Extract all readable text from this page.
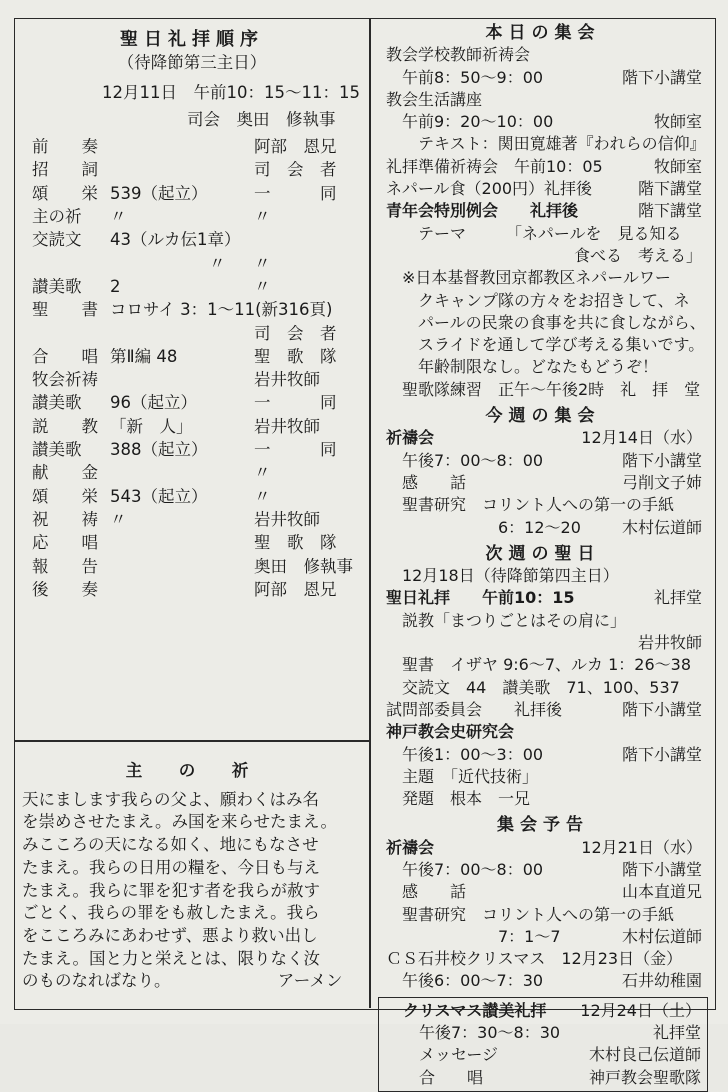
聖日礼拝順序
（待降節第三主日）
12月11日　午前10：15〜11：15
司会　奥田　修執事
前　　奏	阿部　恩兄
招　　詞	司　会　者
頌　　栄 539（起立）	一　　　同
主の祈 〃	〃
交読文 43（ルカ伝1章）
　　　　　　〃 〃
讃美歌 2	〃
聖　　書 コロサイ 3：1〜11(新316頁)
司　会　者
合　　唱 第Ⅱ編 48	聖　歌　隊
牧会祈祷	岩井牧師
讃美歌 96（起立）	一　　　同
説　　教 「新　人」	岩井牧師
讃美歌 388（起立）	一　　　同
献　　金	〃
頌　　栄 543（起立）	〃
祝　　祷 〃	岩井牧師
応　　唱	聖　歌　隊
報　　告	奥田　修執事
後　　奏	阿部　恩兄
主　の　祈
天にまします我らの父よ、願わくはみ名
を崇めさせたまえ。み国を来らせたまえ。
みこころの天になる如く、地にもなさせ
たまえ。我らの日用の糧を、今日も与え
たまえ。我らに罪を犯す者を我らが赦す
ごとく、我らの罪をも赦したまえ。我ら
をこころみにあわせず、悪より救い出し
たまえ。国と力と栄えとは、限りなく汝
のものなればなり。　　　　　　　アーメン
本日の集会
教会学校教師祈祷会
　午前8：50〜9：00	階下小講堂
教会生活講座
　午前9：20〜10：00	牧師室
　　テキスト：関田寛雄著『われらの信仰』
礼拝準備祈祷会　午前10：05	牧師室
ネパール食（200円）礼拝後	階下講堂
青年会特別例会　　礼拝後	階下講堂
　　テーマ　　　「ネパールを　見る知る
食べる　考える」
　※日本基督教団京都教区ネパールワー
　　クキャンプ隊の方々をお招きして、ネ
　　パールの民衆の食事を共に食しながら、
　　スライドを通して学び考える集いです。
　　年齢制限なし。どなたもどうぞ！
　聖歌隊練習　正午〜午後2時　礼　拝　堂
今週の集会
祈禱会	12月14日（水）
　午後7：00〜8：00	階下小講堂
　感　　話	弓削文子姉
　聖書研究　コリント人への第一の手紙
　　　　　　　6：12〜20	木村伝道師
次週の聖日
　12月18日（待降節第四主日）
聖日礼拝　　午前10：15	礼拝堂
　説教「まつりごとはその肩に」
岩井牧師
　聖書　イザヤ 9:6〜7、ルカ 1：26〜38
　交読文　44　讃美歌　71、100、537
試問部委員会　　礼拝後	階下小講堂
神戸教会史研究会
　午後1：00〜3：00	階下小講堂
　主題　「近代技術」
　発題　根本　一兄
集会予告
祈禱会	12月21日（水）
　午後7：00〜8：00	階下小講堂
　感　　話	山本直道兄
　聖書研究　コリント人への第一の手紙
　　　　　　　7：1〜7	木村伝道師
ＣＳ石井校クリスマス　12月23日（金）
　午後6：00〜7：30	石井幼稚園
　クリスマス讃美礼拝 12月24日（土）
　　午後7：30〜8：30	礼拝堂
　　メッセージ	木村良己伝道師
　　合　　唱	神戸教会聖歌隊
